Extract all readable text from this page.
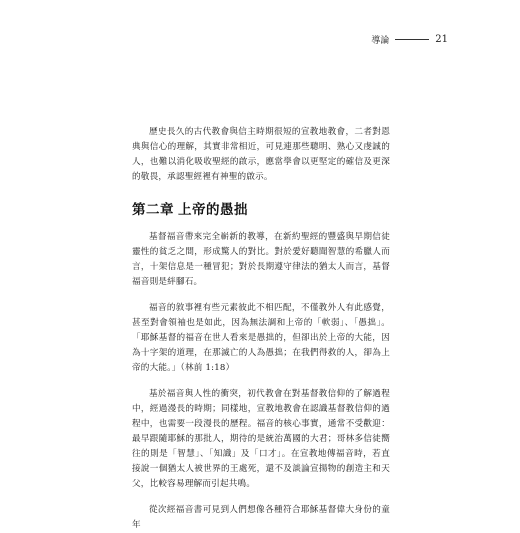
導論	21

歷史長久的古代教會與信主時期很短的宣教地教會，二者對恩典與信心的理解，其實非常相近，可見連那些聰明、熟心又虔誠的人，也難以消化吸收聖經的啟示，應當學會以更堅定的確信及更深的敬畏，承認聖經裡有神聖的啟示。

第二章 上帝的愚拙

基督福音帶來完全嶄新的教導，在新約聖經的豐盛與早期信徒靈性的貧乏之間，形成驚人的對比。對於愛好聽聞智慧的希臘人而言，十架信息是一種冒犯；對於長期遵守律法的猶太人而言，基督福音則是絆腳石。

福音的敘事裡有些元素彼此不相匹配，不僅教外人有此感覺，甚至對會領袖也是如此，因為無法調和上帝的「軟弱」、「愚拙」。「耶穌基督的福音在世人看來是愚拙的，但卻出於上帝的大能，因為十字架的道理，在那滅亡的人為愚拙；在我們得救的人，卻為上帝的大能。」（林前 1:18）

基於福音與人性的衝突，初代教會在對基督教信仰的了解過程中，經過漫長的時期；同樣地，宣教地教會在認識基督教信仰的過程中，也需要一段漫長的歷程。福音的核心事實，通常不受歡迎：最早跟隨耶穌的那批人，期待的是統治萬國的大君；哥林多信徒嚮往的則是「智慧」、「知識」及「口才」。在宣教地傳福音時，若直接說一個猶太人被世界的王處死，還不及談論宣揚物的創造主和天父，比較容易理解而引起共鳴。

從次經福音書可見到人們想像各種符合耶穌基督偉大身份的童年
